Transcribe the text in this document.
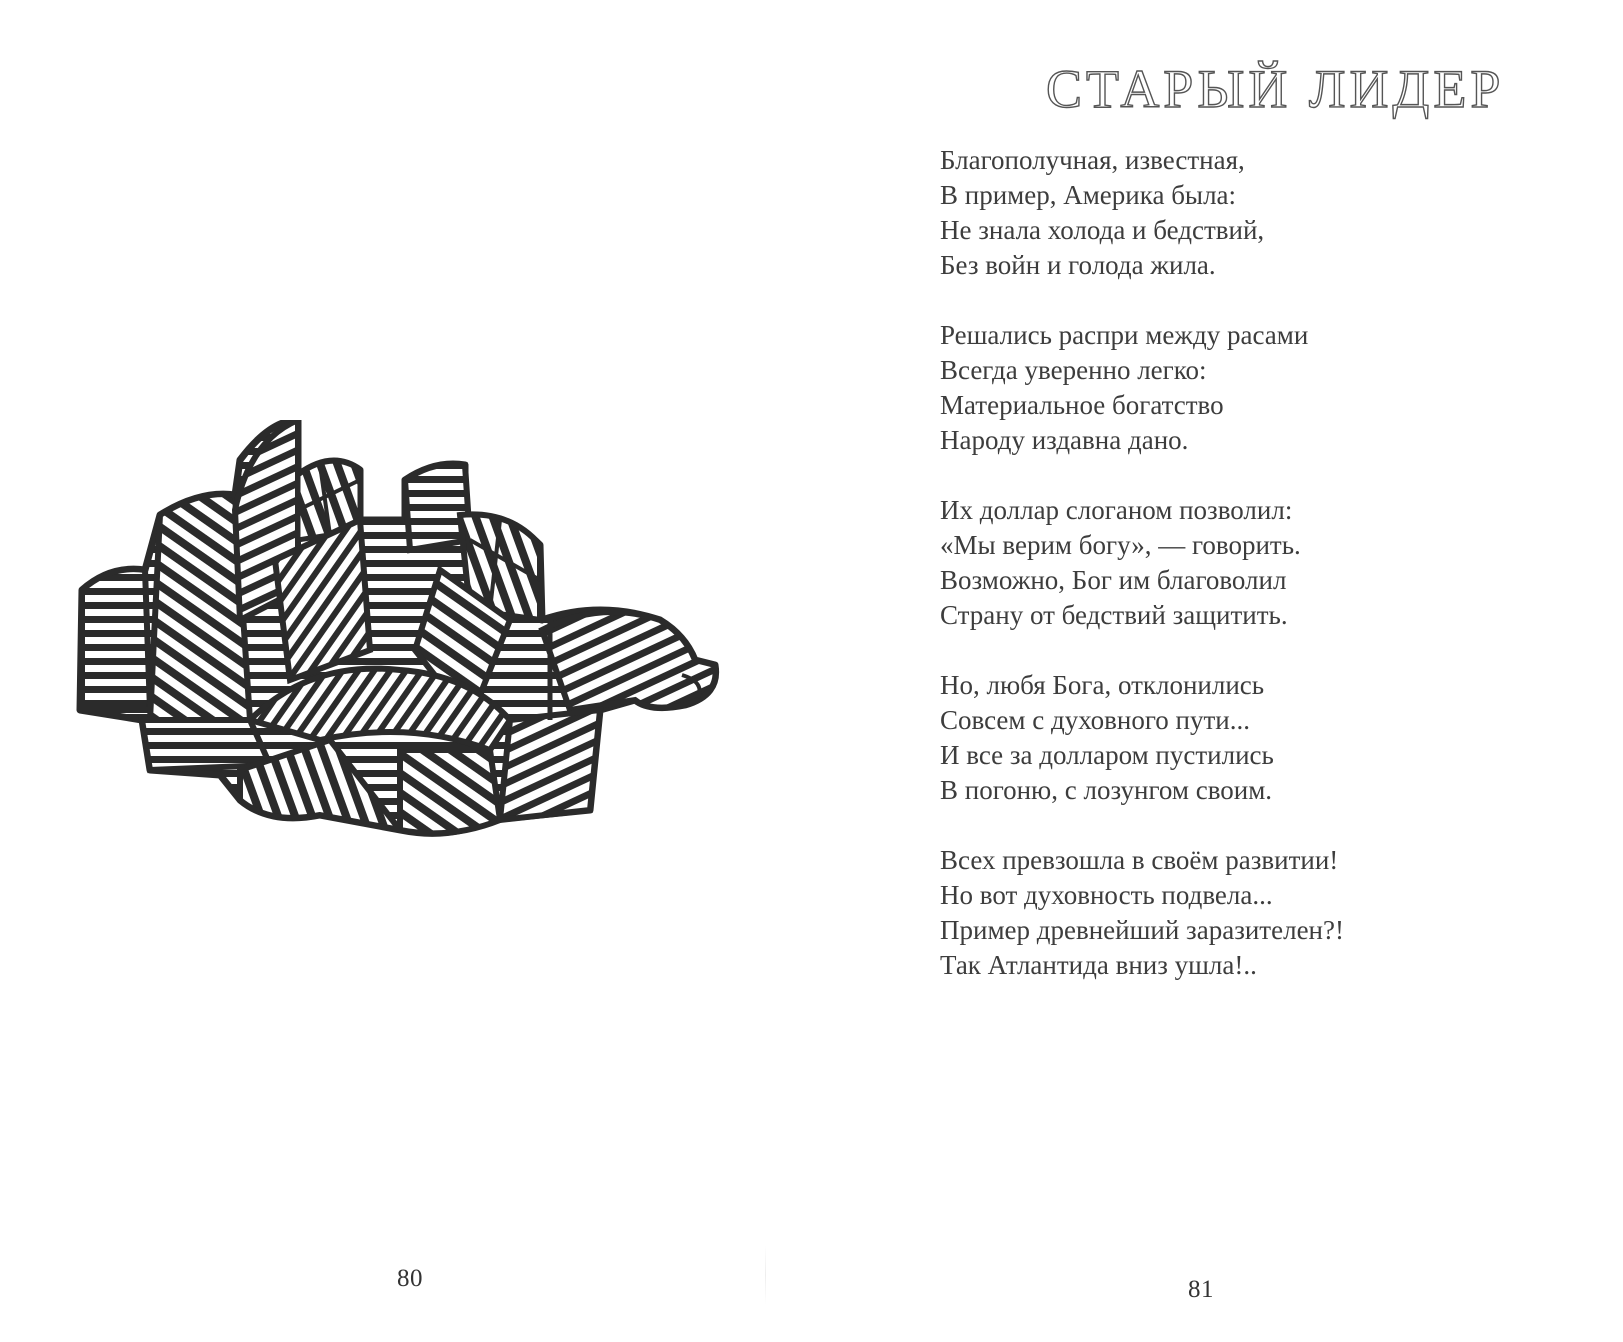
80
СТАРЫЙ ЛИДЕР
Благополучная, известная,
В пример, Америка была:
Не знала холода и бедствий,
Без войн и голода жила.
Решались распри между расами
Всегда уверенно легко:
Материальное богатство
Народу издавна дано.
Их доллар слоганом позволил:
«Мы верим богу», — говорить.
Возможно, Бог им благоволил
Страну от бедствий защитить.
Но, любя Бога, отклонились
Совсем с духовного пути...
И все за долларом пустились
В погоню, с лозунгом своим.
Всех превзошла в своём развитии!
Но вот духовность подвела...
Пример древнейший заразителен?!
Так Атлантида вниз ушла!..
81
